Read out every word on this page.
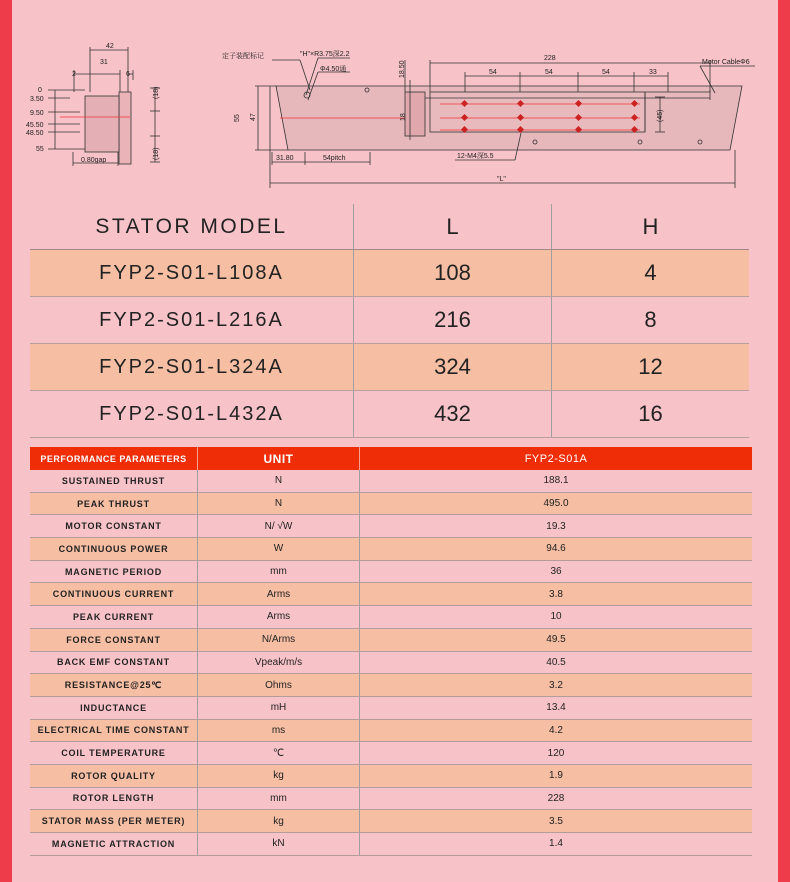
42
31
2	6
0
3.50
9.50
45.50
48.50
55
(18)
(18)
0.80gap
定子装配标记	"H"×R3.75深2.2
Φ4.50通	18.50
55 47	18
228
54	54	54	33
(45)
Motor CableΦ6
31.80	54pitch	12-M4深5.5
"L"
STATOR MODEL	L	H
FYP2-S01-L108A	108	4
FYP2-S01-L216A	216	8
FYP2-S01-L324A	324	12
FYP2-S01-L432A	432	16
PERFORMANCE PARAMETERS	UNIT	FYP2-S01A
SUSTAINED THRUST	N	188.1
PEAK THRUST	N	495.0
MOTOR CONSTANT	N/ √W	19.3
CONTINUOUS POWER	W	94.6
MAGNETIC PERIOD	mm	36
CONTINUOUS CURRENT	Arms	3.8
PEAK CURRENT	Arms	10
FORCE CONSTANT	N/Arms	49.5
BACK EMF CONSTANT	Vpeak/m/s	40.5
RESISTANCE@25℃	Ohms	3.2
INDUCTANCE	mH	13.4
ELECTRICAL TIME CONSTANT	ms	4.2
COIL TEMPERATURE	℃	120
ROTOR QUALITY	kg	1.9
ROTOR LENGTH	mm	228
STATOR MASS (PER METER)	kg	3.5
MAGNETIC ATTRACTION	kN	1.4
